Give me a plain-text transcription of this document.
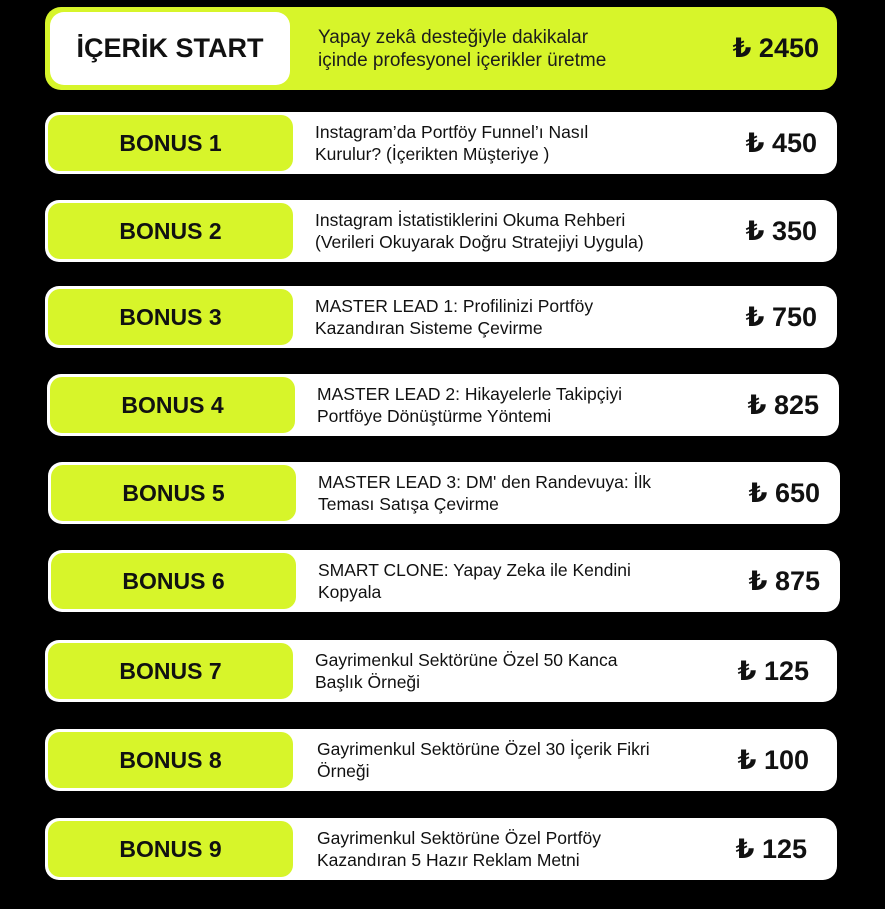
İÇERİK START	Yapay zekâ desteğiyle dakikalar
içinde profesyonel içerikler üretme	₺ 2450
BONUS 1	Instagram’da Portföy Funnel’ı Nasıl
Kurulur? (İçerikten Müşteriye )	₺ 450
BONUS 2	Instagram İstatistiklerini Okuma Rehberi
(Verileri Okuyarak Doğru Stratejiyi Uygula)	₺ 350
BONUS 3	MASTER LEAD 1: Profilinizi Portföy
Kazandıran Sisteme Çevirme	₺ 750
BONUS 4	MASTER LEAD 2: Hikayelerle Takipçiyi
Portföye Dönüştürme Yöntemi	₺ 825
BONUS 5	MASTER LEAD 3: DM' den Randevuya: İlk
Teması Satışa Çevirme	₺ 650
BONUS 6	SMART CLONE: Yapay Zeka ile Kendini
Kopyala	₺ 875
BONUS 7	Gayrimenkul Sektörüne Özel 50 Kanca
Başlık Örneği	₺ 125
BONUS 8	Gayrimenkul Sektörüne Özel 30 İçerik Fikri
Örneği	₺ 100
BONUS 9	Gayrimenkul Sektörüne Özel Portföy
Kazandıran 5 Hazır Reklam Metni	₺ 125
